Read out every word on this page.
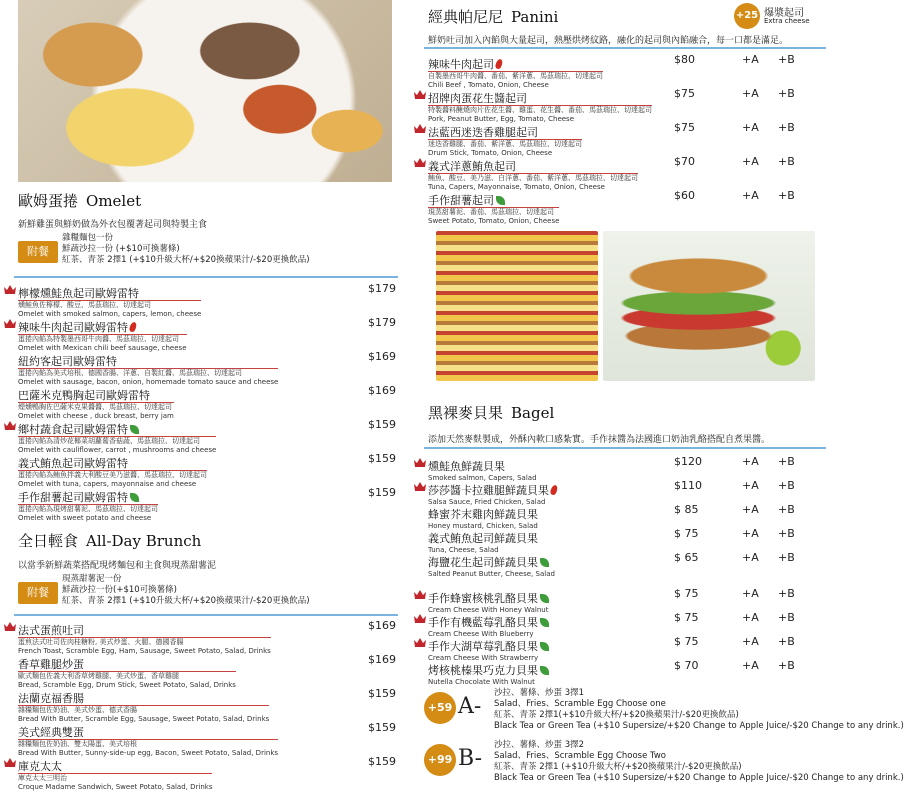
歐姆蛋捲 Omelet
新鮮雞蛋與鮮奶做為外衣包覆著起司與特製主食
附餐
雜糧麵包一份
鮮蔬沙拉一份 (+$10可換薯條)
紅茶、青茶 2擇1 (+$10升級大杯/+$20換蘋果汁/-$20更換飲品)
檸檬燻鮭魚起司歐姆雷特
燻鮭魚佐檸檬、酸豆、馬茲瑞拉、切達起司
Omelet with smoked salmon, capers, lemon, cheese
$179
辣味牛肉起司歐姆雷特
蛋捲內餡為特製墨西哥牛肉醬、馬茲瑞拉、切達起司
Omelet with Mexican chili beef sausage, cheese
$179
紐約客起司歐姆雷特
蛋捲內餡為美式培根、德國香腸、洋蔥、自製紅醬、馬茲瑞拉、切達起司
Omelet with sausage, bacon, onion, homemade tomato sauce and cheese
$169
巴薩米克鴨胸起司歐姆雷特
煙燻鴨胸佐巴薩米克果醬醬、馬茲瑞拉、切達起司
Omelet with cheese , duck breast, berry jam
$169
鄉村蔬食起司歐姆雷特
蛋捲內餡為清炒花椰菜胡蘿蔔香菇蔬、馬茲瑞拉、切達起司
Omelet with cauliflower, carrot , mushrooms and cheese
$159
義式鮪魚起司歐姆雷特
蛋捲內餡為鮪魚拌義大利酸豆美乃滋醬、馬茲瑞拉、切達起司
Omelet with tuna, capers, mayonnaise and cheese
$159
手作甜薯起司歐姆雷特
蛋捲內餡為現烤甜薯泥、馬茲瑞拉、切達起司
Omelet with sweet potato and cheese
$159
全日輕食 All-Day Brunch
以當季新鮮蔬菜搭配現烤麵包和主食與現蒸甜薯泥
附餐
現蒸甜薯泥一份
鮮蔬沙拉一份(+$10可換薯條)
紅茶、青茶 2擇1 (+$10升級大杯/+$20換蘋果汁/-$20更換飲品)
法式蛋煎吐司
蛋煎法式吐司佐肉桂糖粉, 美式炒蛋、火腿、德國香腸
French Toast, Scramble Egg, Ham, Sausage, Sweet Potato, Salad, Drinks
$169
香草雞腿炒蛋
歐式麵包佐義大利香草烤雞腿、美式炒蛋、香草雞腿
Bread, Scramble Egg, Drum Stick, Sweet Potato, Salad, Drinks
$169
法蘭克福香腸
雜糧麵包佐奶油、美式炒蛋、德式香腸
Bread With Butter, Scramble Egg, Sausage, Sweet Potato, Salad, Drinks
$159
美式經典雙蛋
雜糧麵包佐奶油、雙太陽蛋、美式培根
Bread With Butter, Sunny-side-up egg, Bacon, Sweet Potato, Salad, Drinks
$159
庫克太太
庫克太太三明治
Croque Madame Sandwich, Sweet Potato, Salad, Drinks
$159
經典帕尼尼 Panini	+25 爆漿起司
Extra cheese
鮮奶吐司加入內餡與大量起司，熱壓烘烤紋路，融化的起司與內餡融合，每一口都是滿足。
辣味牛肉起司
自製墨西哥牛肉醬、番茄、紫洋蔥、馬茲瑞拉、切達起司
Chili Beef , Tomato, Onion, Cheese
$80	+A +B
招牌肉蛋花生醬起司
特製醬料醃燒肉片佐花生醬、雞蛋、花生醬、番茄、馬茲瑞拉、切達起司
Pork, Peanut Butter, Egg, Tomato, Cheese
$75	+A +B
法藍西迷迭香雞腿起司
迷迭香雞腿、番茄、紫洋蔥、馬茲瑞拉、切達起司
Drum Stick, Tomato, Onion, Cheese
$75	+A +B
義式洋蔥鮪魚起司
鮪魚、酸豆、美乃滋、白洋蔥、番茄、紫洋蔥、馬茲瑞拉、切達起司
Tuna, Capers, Mayonnaise, Tomato, Onion, Cheese
$70	+A +B
手作甜薯起司
現蒸甜薯泥、番茄、馬茲瑞拉、切達起司
Sweet Potato, Tomato, Onion, Cheese
$60	+A +B
黑裸麥貝果 Bagel
添加天然麥麩製成，外酥內軟口感紮實。手作抹醬為法國進口奶油乳酪搭配自煮果醬。
燻鮭魚鮮蔬貝果
Smoked salmon, Capers, Salad
$120	+A +B
莎莎醬卡拉雞腿鮮蔬貝果
Salsa Sauce, Fried Chicken, Salad
$110	+A +B
蜂蜜芥末雞肉鮮蔬貝果
Honey mustard, Chicken, Salad
$ 85	+A +B
義式鮪魚起司鮮蔬貝果
Tuna, Cheese, Salad
$ 75	+A +B
海鹽花生起司鮮蔬貝果
Salted Peanut Butter, Cheese, Salad
$ 65	+A +B
手作蜂蜜核桃乳酪貝果
Cream Cheese With Honey Walnut
$ 75	+A +B
手作有機藍莓乳酪貝果
Cream Cheese With Blueberry
$ 75	+A +B
手作大湖草莓乳酪貝果
Cream Cheese With Strawberry
$ 75	+A +B
烤核桃榛果巧克力貝果
Nutella Chocolate With Walnut
$ 70	+A +B
+59 A-
沙拉、薯條、炒蛋 3擇1
Salad、Fries、Scramble Egg Choose one
紅茶、青茶 2擇1(+$10升級大杯/+$20換蘋果汁/-$20更換飲品)
Black Tea or Green Tea (+$10 Supersize/+$20 Change to Apple Juice/-$20 Change to any drink.)
+99 B-
沙拉、薯條、炒蛋 3擇2
Salad、Fries、Scramble Egg Choose Two
紅茶、青茶 2擇1 (+$10升級大杯/+$20換蘋果汁/-$20更換飲品)
Black Tea or Green Tea (+$10 Supersize/+$20 Change to Apple Juice/-$20 Change to any drink.)
